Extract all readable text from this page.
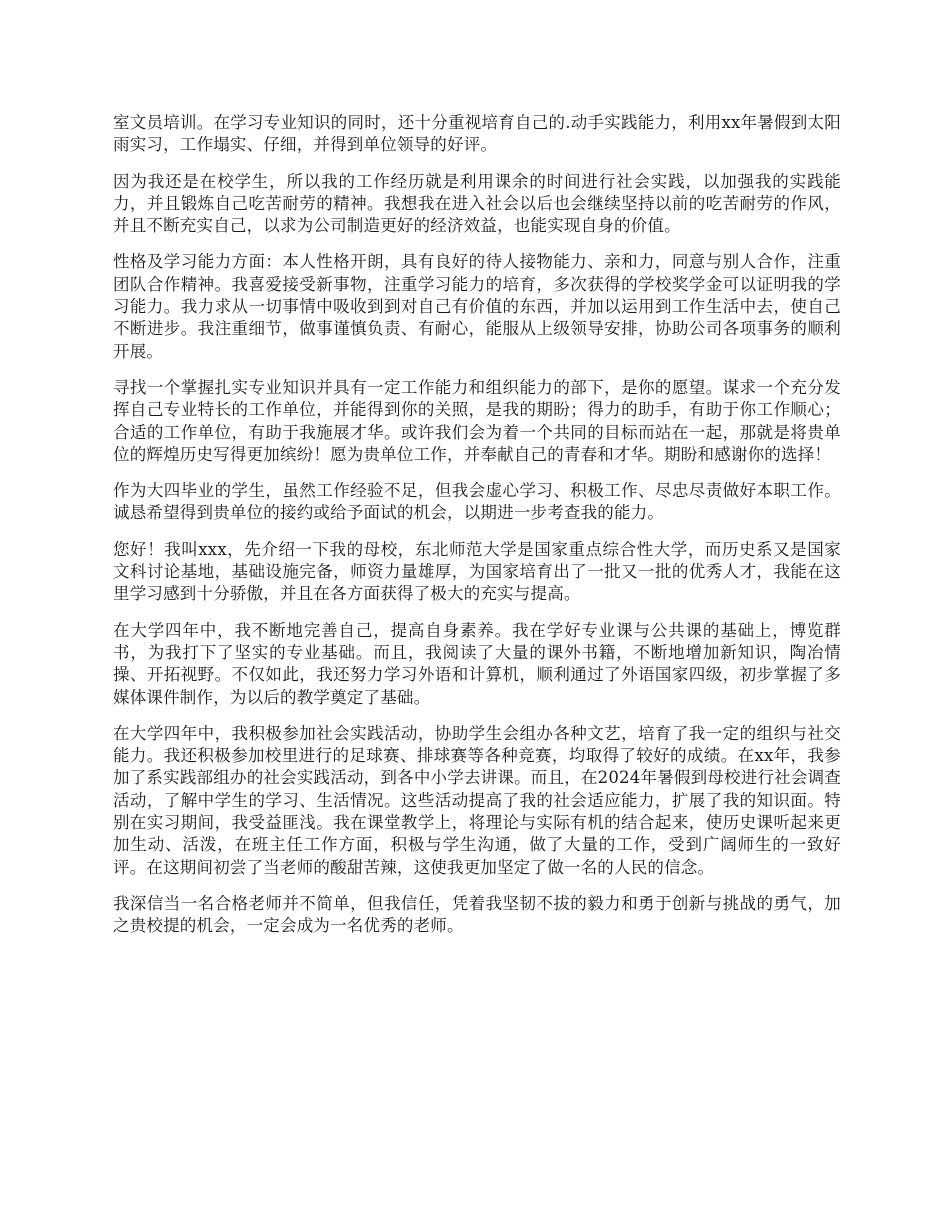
室文员培训。在学习专业知识的同时，还十分重视培育自己的.动手实践能力，利用xx年暑假到太阳雨实习，工作塌实、仔细，并得到单位领导的好评。

因为我还是在校学生，所以我的工作经历就是利用课余的时间进行社会实践，以加强我的实践能力，并且锻炼自己吃苦耐劳的精神。我想我在进入社会以后也会继续坚持以前的吃苦耐劳的作风，并且不断充实自己，以求为公司制造更好的经济效益，也能实现自身的价值。

性格及学习能力方面：本人性格开朗，具有良好的待人接物能力、亲和力，同意与别人合作，注重团队合作精神。我喜爱接受新事物，注重学习能力的培育，多次获得的学校奖学金可以证明我的学习能力。我力求从一切事情中吸收到到对自己有价值的东西，并加以运用到工作生活中去，使自己不断进步。我注重细节，做事谨慎负责、有耐心，能服从上级领导安排，协助公司各项事务的顺利开展。

寻找一个掌握扎实专业知识并具有一定工作能力和组织能力的部下，是你的愿望。谋求一个充分发挥自己专业特长的工作单位，并能得到你的关照，是我的期盼；得力的助手，有助于你工作顺心；合适的工作单位，有助于我施展才华。或许我们会为着一个共同的目标而站在一起，那就是将贵单位的辉煌历史写得更加缤纷！愿为贵单位工作，并奉献自己的青春和才华。期盼和感谢你的选择！

作为大四毕业的学生，虽然工作经验不足，但我会虚心学习、积极工作、尽忠尽责做好本职工作。诚恳希望得到贵单位的接约或给予面试的机会，以期进一步考查我的能力。

您好！我叫xxx，先介绍一下我的母校，东北师范大学是国家重点综合性大学，而历史系又是国家文科讨论基地，基础设施完备，师资力量雄厚，为国家培育出了一批又一批的优秀人才，我能在这里学习感到十分骄傲，并且在各方面获得了极大的充实与提高。

在大学四年中，我不断地完善自己，提高自身素养。我在学好专业课与公共课的基础上，博览群书，为我打下了坚实的专业基础。而且，我阅读了大量的课外书籍，不断地增加新知识，陶冶情操、开拓视野。不仅如此，我还努力学习外语和计算机，顺利通过了外语国家四级，初步掌握了多媒体课件制作，为以后的教学奠定了基础。

在大学四年中，我积极参加社会实践活动，协助学生会组办各种文艺，培育了我一定的组织与社交能力。我还积极参加校里进行的足球赛、排球赛等各种竞赛，均取得了较好的成绩。在xx年，我参加了系实践部组办的社会实践活动，到各中小学去讲课。而且，在2024年暑假到母校进行社会调查活动，了解中学生的学习、生活情况。这些活动提高了我的社会适应能力，扩展了我的知识面。特别在实习期间，我受益匪浅。我在课堂教学上，将理论与实际有机的结合起来，使历史课听起来更加生动、活泼，在班主任工作方面，积极与学生沟通，做了大量的工作，受到广阔师生的一致好评。在这期间初尝了当老师的酸甜苦辣，这使我更加坚定了做一名的人民的信念。

我深信当一名合格老师并不简单，但我信任，凭着我坚韧不拔的毅力和勇于创新与挑战的勇气，加之贵校提的机会，一定会成为一名优秀的老师。
